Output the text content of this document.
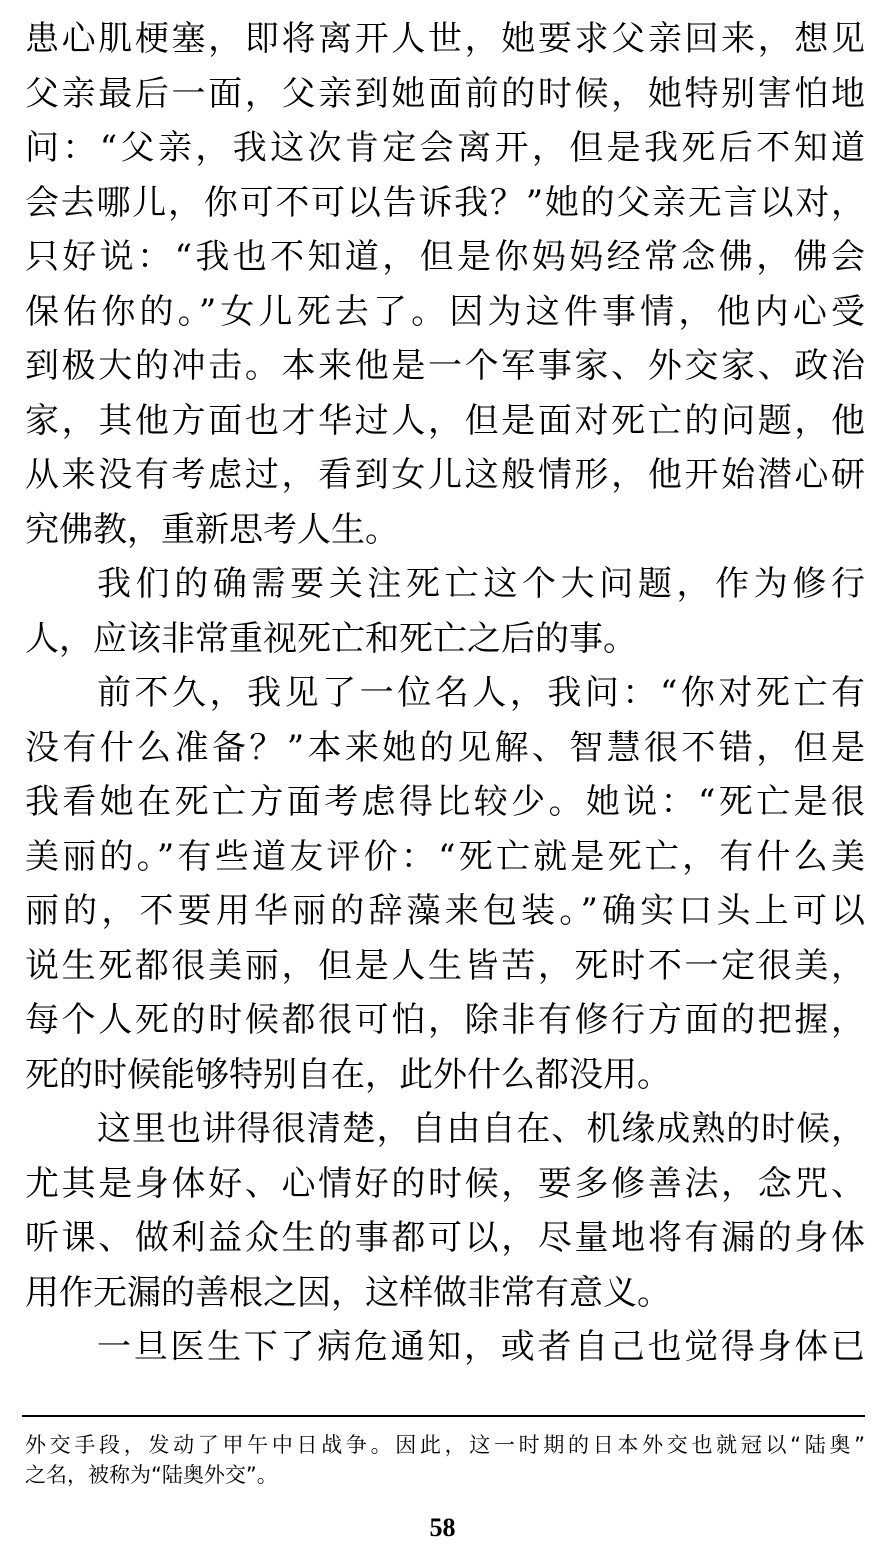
患心肌梗塞，即将离开人世，她要求父亲回来，想见
父亲最后一面，父亲到她面前的时候，她特别害怕地
问：“父亲，我这次肯定会离开，但是我死后不知道
会去哪儿，你可不可以告诉我？”她的父亲无言以对，
只好说：“我也不知道，但是你妈妈经常念佛，佛会
保佑你的。”女儿死去了。因为这件事情，他内心受
到极大的冲击。本来他是一个军事家、外交家、政治
家，其他方面也才华过人，但是面对死亡的问题，他
从来没有考虑过，看到女儿这般情形，他开始潜心研
究佛教，重新思考人生。
我们的确需要关注死亡这个大问题，作为修行
人，应该非常重视死亡和死亡之后的事。
前不久，我见了一位名人，我问：“你对死亡有
没有什么准备？”本来她的见解、智慧很不错，但是
我看她在死亡方面考虑得比较少。她说：“死亡是很
美丽的。”有些道友评价：“死亡就是死亡，有什么美
丽的，不要用华丽的辞藻来包装。”确实口头上可以
说生死都很美丽，但是人生皆苦，死时不一定很美，
每个人死的时候都很可怕，除非有修行方面的把握，
死的时候能够特别自在，此外什么都没用。
这里也讲得很清楚，自由自在、机缘成熟的时候，
尤其是身体好、心情好的时候，要多修善法，念咒、
听课、做利益众生的事都可以，尽量地将有漏的身体
用作无漏的善根之因，这样做非常有意义。
一旦医生下了病危通知，或者自己也觉得身体已
外交手段，发动了甲午中日战争。因此，这一时期的日本外交也就冠以“陆奥”
之名，被称为“陆奥外交”。
58
